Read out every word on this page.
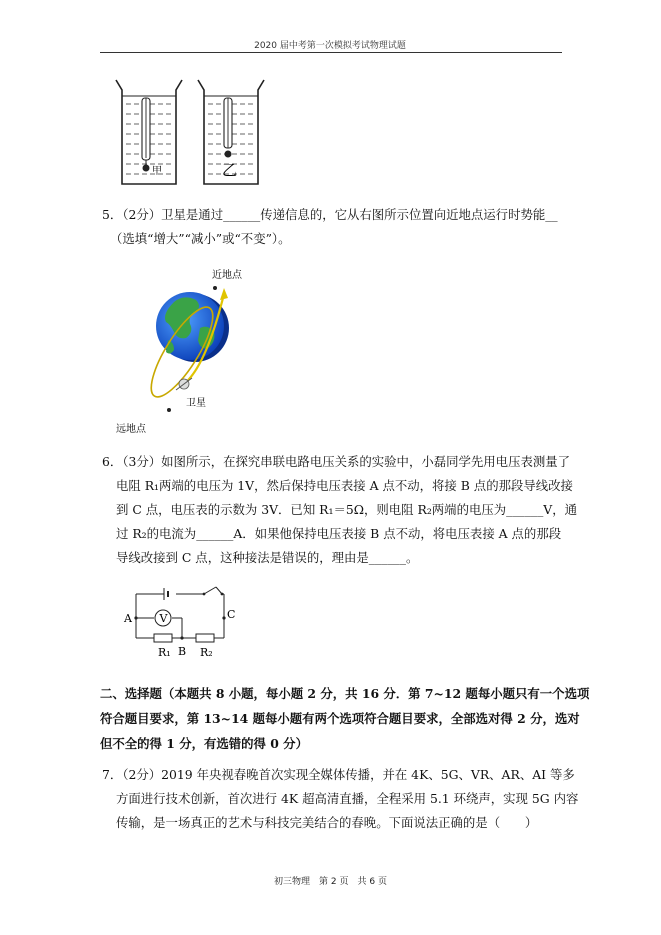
2020 届中考第一次模拟考试物理试题
甲	乙
5．（2分）卫星是通过______传递信息的，它从右图所示位置向近地点运行时势能__
（选填“增大”“减小”或“不变”）。
近地点
卫星
远地点
6．（3分）如图所示，在探究串联电路电压关系的实验中，小磊同学先用电压表测量了
电阻 R₁两端的电压为 1V，然后保持电压表接 A 点不动，将接 B 点的那段导线改接
到 C 点，电压表的示数为 3V．已知 R₁＝5Ω，则电阻 R₂两端的电压为______V，通
过 R₂的电流为______A．如果他保持电压表接 B 点不动，将电压表接 A 点的那段
导线改接到 C 点，这种接法是错误的，理由是______。
V
A	C
B
R₁	R₂
二、选择题（本题共 8 小题，每小题 2 分，共 16 分．第 7~12 题每小题只有一个选项
符合题目要求，第 13~14 题每小题有两个选项符合题目要求，全部选对得 2 分，选对
但不全的得 1 分，有选错的得 0 分）
7．（2分）2019 年央视春晚首次实现全媒体传播，并在 4K、5G、VR、AR、AI 等多
方面进行技术创新，首次进行 4K 超高清直播，全程采用 5.1 环绕声，实现 5G 内容
传输，是一场真正的艺术与科技完美结合的春晚。下面说法正确的是（　　）
初三物理　第 2 页　共 6 页
